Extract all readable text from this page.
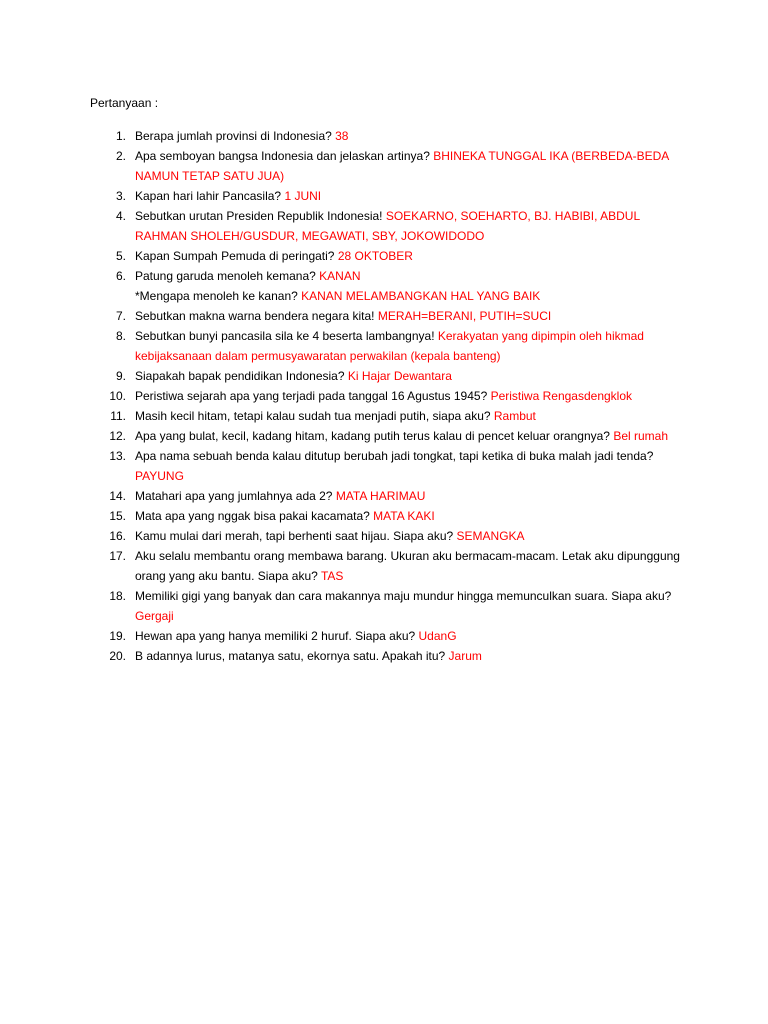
Pertanyaan :
1. Berapa jumlah provinsi di Indonesia? 38
2. Apa semboyan bangsa Indonesia dan jelaskan artinya? BHINEKA TUNGGAL IKA (BERBEDA-BEDA NAMUN TETAP SATU JUA)
3. Kapan hari lahir Pancasila? 1 JUNI
4. Sebutkan urutan Presiden Republik Indonesia! SOEKARNO, SOEHARTO, BJ. HABIBI, ABDUL RAHMAN SHOLEH/GUSDUR, MEGAWATI, SBY, JOKOWIDODO
5. Kapan Sumpah Pemuda di peringati? 28 OKTOBER
6. Patung garuda menoleh kemana? KANAN
*Mengapa menoleh ke kanan? KANAN MELAMBANGKAN HAL YANG BAIK
7. Sebutkan makna warna bendera negara kita! MERAH=BERANI, PUTIH=SUCI
8. Sebutkan bunyi pancasila sila ke 4 beserta lambangnya! Kerakyatan yang dipimpin oleh hikmad kebijaksanaan dalam permusyawaratan perwakilan (kepala banteng)
9. Siapakah bapak pendidikan Indonesia? Ki Hajar Dewantara
10. Peristiwa sejarah apa yang terjadi pada tanggal 16 Agustus 1945? Peristiwa Rengasdengklok
11. Masih kecil hitam, tetapi kalau sudah tua menjadi putih, siapa aku? Rambut
12. Apa yang bulat, kecil, kadang hitam, kadang putih terus kalau di pencet keluar orangnya? Bel rumah
13. Apa nama sebuah benda kalau ditutup berubah jadi tongkat, tapi ketika di buka malah jadi tenda? PAYUNG
14. Matahari apa yang jumlahnya ada 2? MATA HARIMAU
15. Mata apa yang nggak bisa pakai kacamata? MATA KAKI
16. Kamu mulai dari merah, tapi berhenti saat hijau. Siapa aku? SEMANGKA
17. Aku selalu membantu orang membawa barang. Ukuran aku bermacam-macam. Letak aku dipunggung orang yang aku bantu. Siapa aku? TAS
18. Memiliki gigi yang banyak dan cara makannya maju mundur hingga memunculkan suara. Siapa aku? Gergaji
19. Hewan apa yang hanya memiliki 2 huruf. Siapa aku? UdanG
20. B adannya lurus, matanya satu, ekornya satu. Apakah itu? Jarum
